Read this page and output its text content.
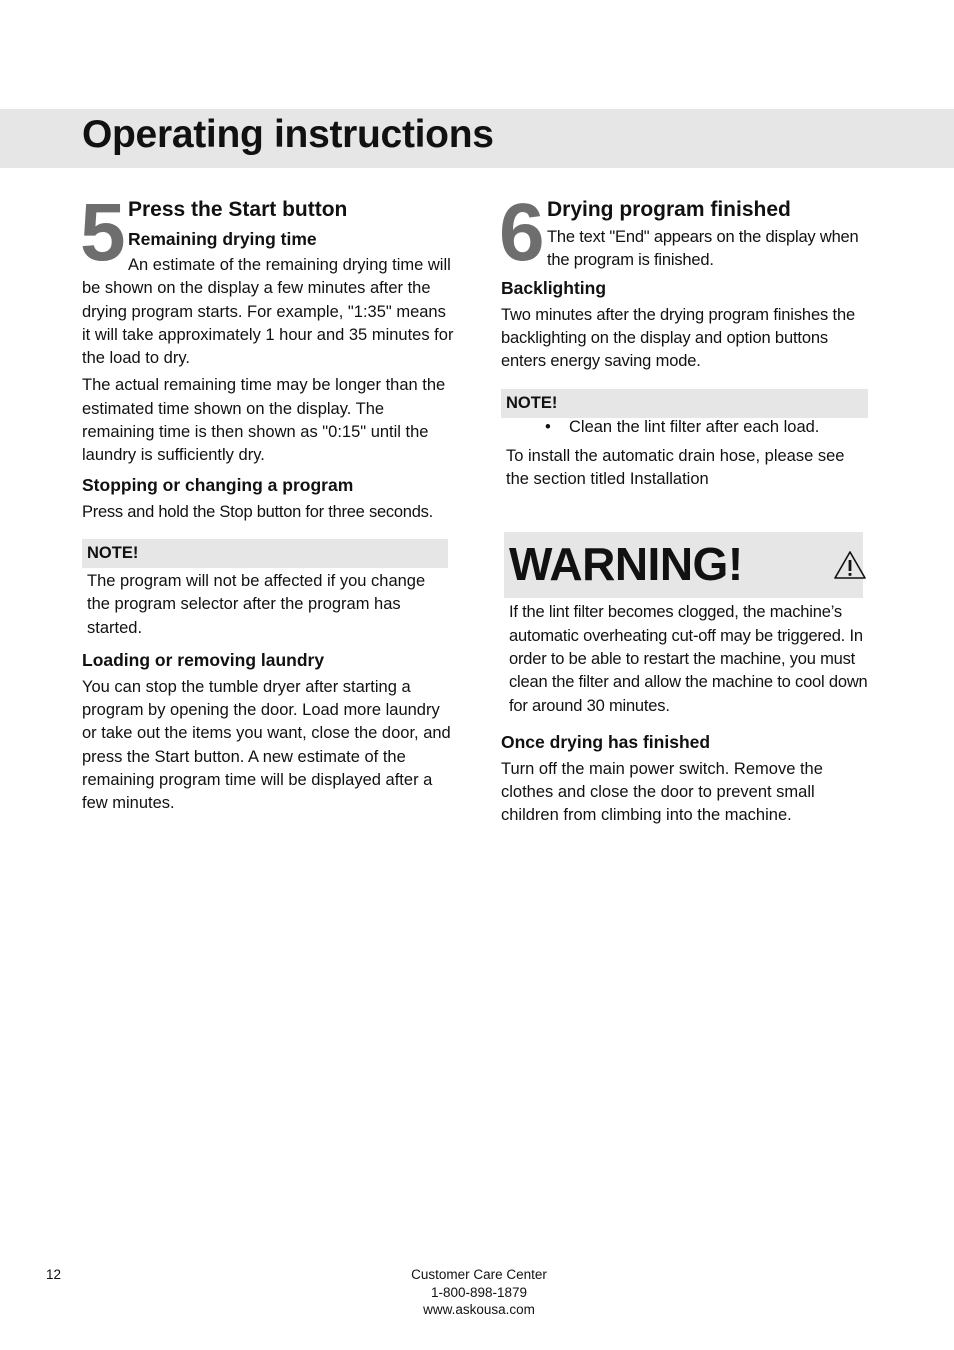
Operating instructions
5 Press the Start button
Remaining drying time

An estimate of the remaining drying time will be shown on the display a few minutes after the drying program starts. For example, "1:35" means it will take approximately 1 hour and 35 minutes for the load to dry.

The actual remaining time may be longer than the estimated time shown on the display. The remaining time is then shown as "0:15" until the laundry is sufficiently dry.

Stopping or changing a program

Press and hold the Stop button for three seconds.

NOTE!

The program will not be affected if you change the program selector after the program has started.

Loading or removing laundry

You can stop the tumble dryer after starting a program by opening the door. Load more laundry or take out the items you want, close the door, and press the Start button. A new estimate of the remaining program time will be displayed after a few minutes.

6 Drying program finished

The text "End" appears on the display when the program is finished.

Backlighting

Two minutes after the drying program finishes the backlighting on the display and option buttons enters energy saving mode.

NOTE!
•	Clean the lint filter after each load.

To install the automatic drain hose, please see the section titled Installation

WARNING!

If the lint filter becomes clogged, the machine’s automatic overheating cut-off may be triggered. In order to be able to restart the machine, you must clean the filter and allow the machine to cool down for around 30 minutes.

Once drying has finished

Turn off the main power switch. Remove the clothes and close the door to prevent small children from climbing into the machine.

12	Customer Care Center
1-800-898-1879
www.askousa.com
